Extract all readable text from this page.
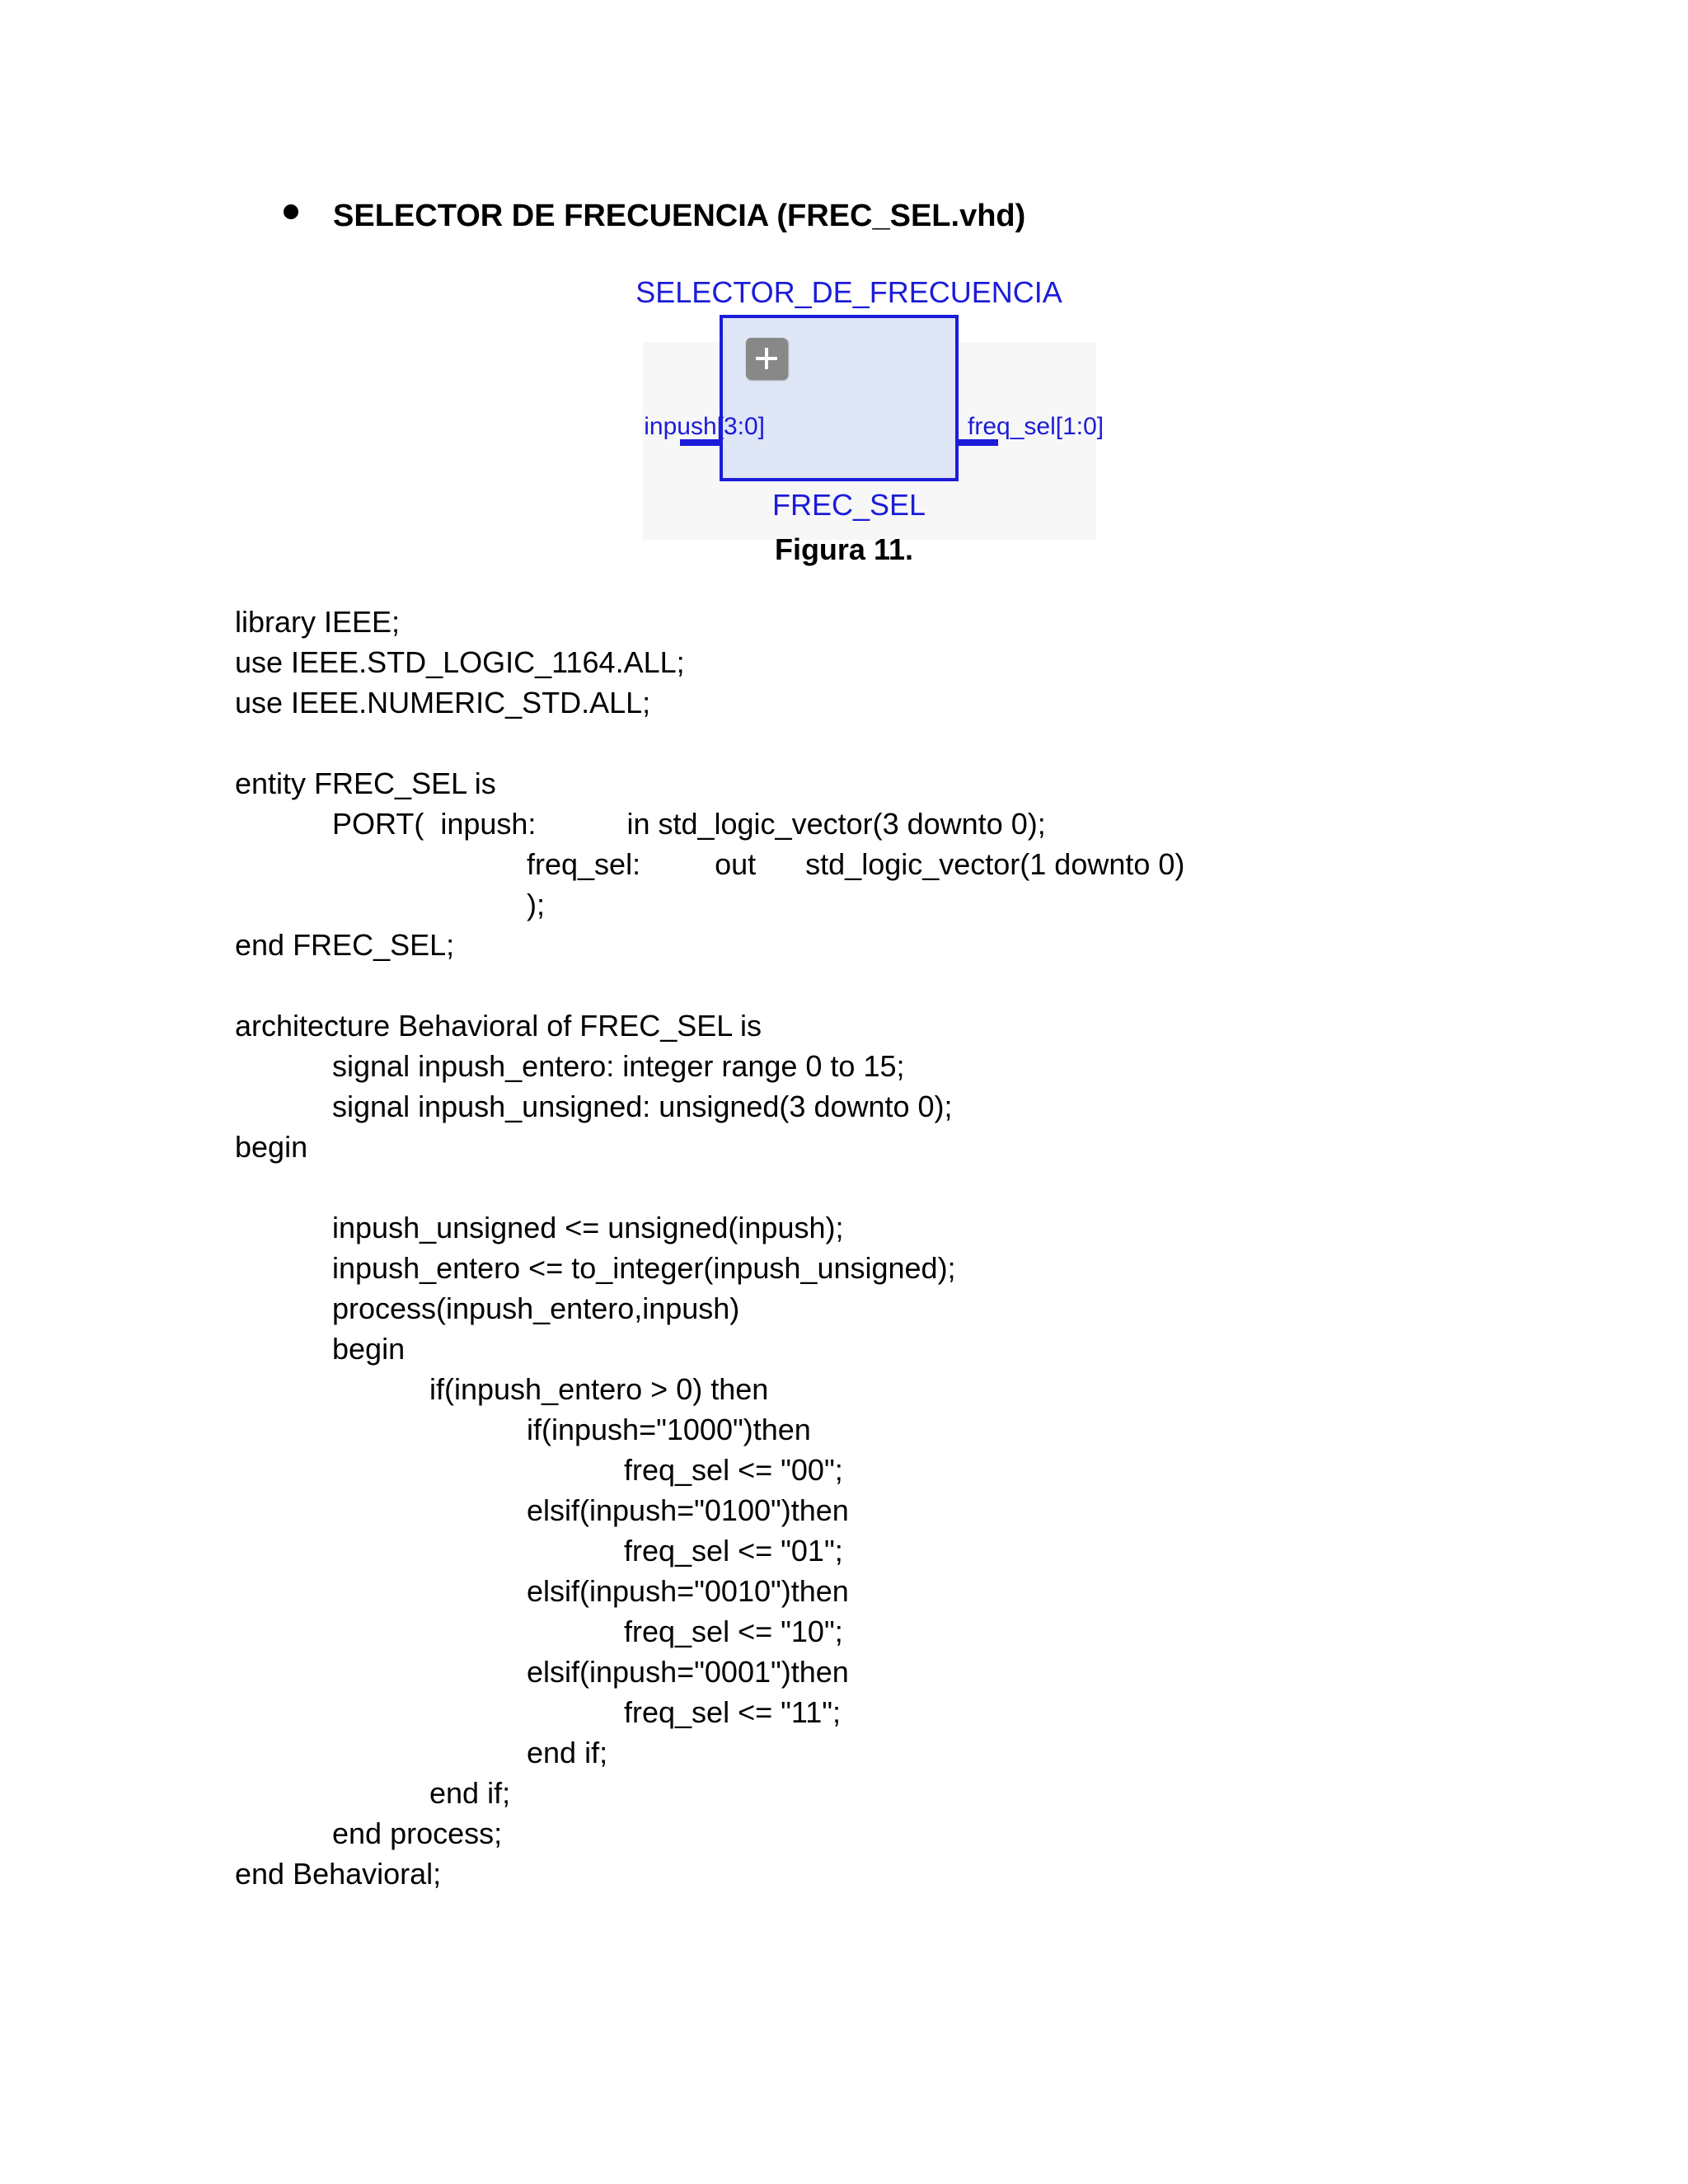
SELECTOR DE FRECUENCIA (FREC_SEL.vhd)
SELECTOR_DE_FRECUENCIA
inpush[3:0]	freq_sel[1:0]
FREC_SEL
Figura 11.
library IEEE;
use IEEE.STD_LOGIC_1164.ALL;
use IEEE.NUMERIC_STD.ALL;
entity FREC_SEL is
PORT(  inpush:           in std_logic_vector(3 downto 0);
freq_sel:         out      std_logic_vector(1 downto 0)
);
end FREC_SEL;
architecture Behavioral of FREC_SEL is
signal inpush_entero: integer range 0 to 15;
signal inpush_unsigned: unsigned(3 downto 0);
begin
inpush_unsigned <= unsigned(inpush);
inpush_entero <= to_integer(inpush_unsigned);
process(inpush_entero,inpush)
begin
if(inpush_entero > 0) then
if(inpush="1000")then
freq_sel <= "00";
elsif(inpush="0100")then
freq_sel <= "01";
elsif(inpush="0010")then
freq_sel <= "10";
elsif(inpush="0001")then
freq_sel <= "11";
end if;
end if;
end process;
end Behavioral;
